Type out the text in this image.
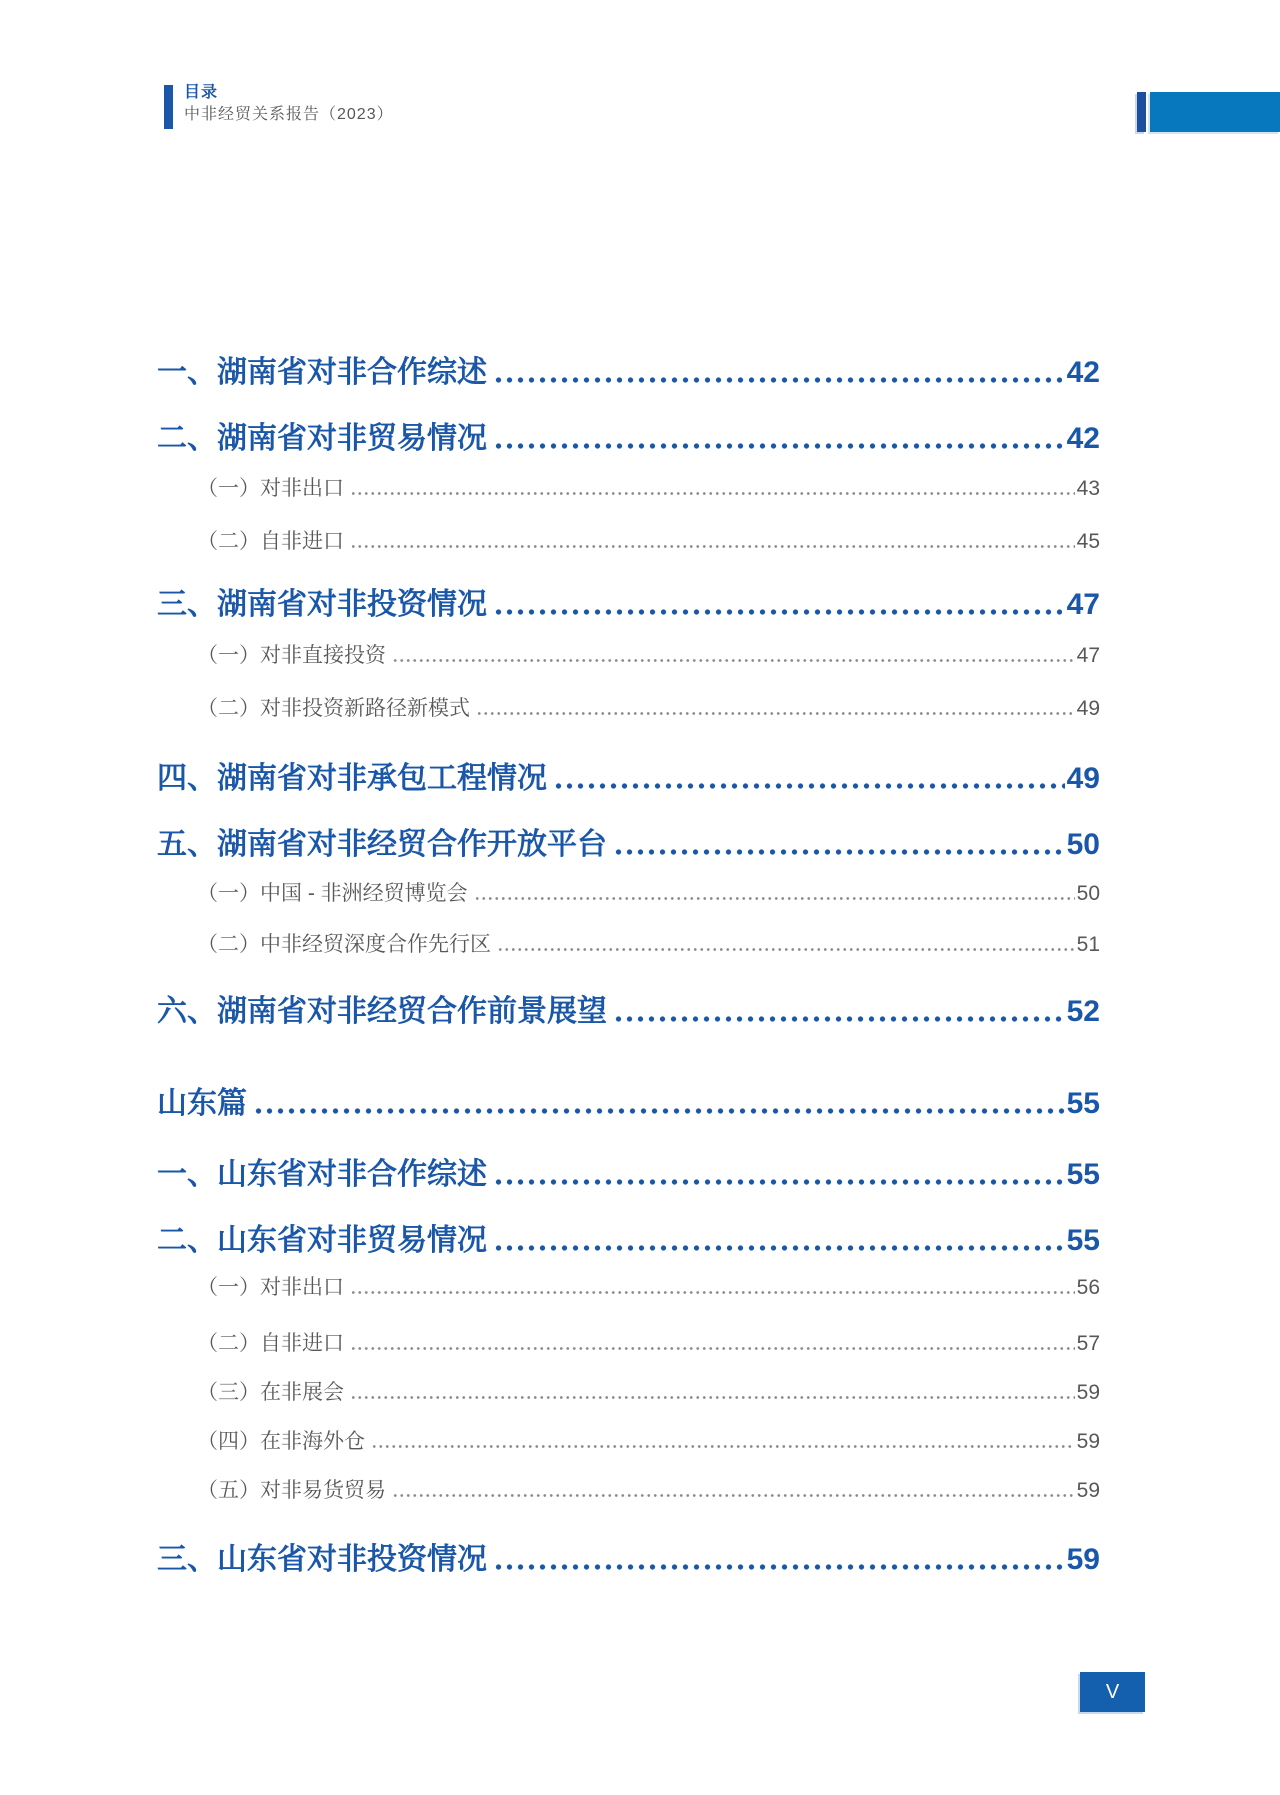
目录
中非经贸关系报告（2023）
一、湖南省对非合作综述	42
二、湖南省对非贸易情况	42
（一）对非出口	43
（二）自非进口	45
三、湖南省对非投资情况	47
（一）对非直接投资	47
（二）对非投资新路径新模式	49
四、湖南省对非承包工程情况	49
五、湖南省对非经贸合作开放平台	50
（一）中国 - 非洲经贸博览会	50
（二）中非经贸深度合作先行区	51
六、湖南省对非经贸合作前景展望	52
山东篇	55
一、山东省对非合作综述	55
二、山东省对非贸易情况	55
（一）对非出口	56
（二）自非进口	57
（三）在非展会	59
（四）在非海外仓	59
（五）对非易货贸易	59
三、山东省对非投资情况	59
V
